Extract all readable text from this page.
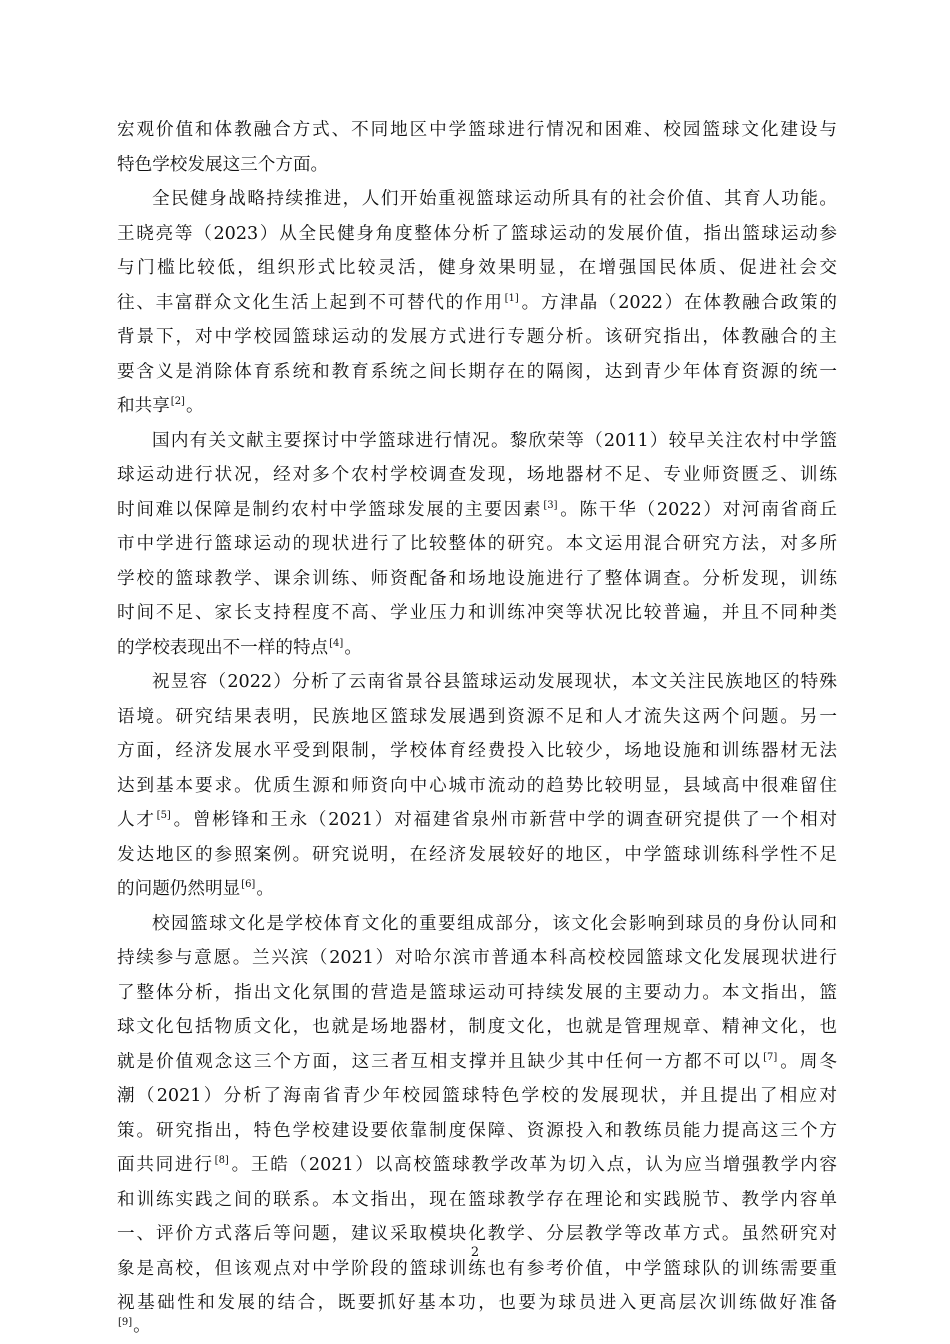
宏观价值和体教融合方式、不同地区中学篮球进行情况和困难、校园篮球文化建设与
特色学校发展这三个方面。
全民健身战略持续推进，人们开始重视篮球运动所具有的社会价值、其育人功能。
王晓亮等（2023）从全民健身角度整体分析了篮球运动的发展价值，指出篮球运动参
与门槛比较低，组织形式比较灵活，健身效果明显，在增强国民体质、促进社会交
往、丰富群众文化生活上起到不可替代的作用[1]。方津晶（2022）在体教融合政策的
背景下，对中学校园篮球运动的发展方式进行专题分析。该研究指出，体教融合的主
要含义是消除体育系统和教育系统之间长期存在的隔阂，达到青少年体育资源的统一
和共享[2]。
国内有关文献主要探讨中学篮球进行情况。黎欣荣等（2011）较早关注农村中学篮
球运动进行状况，经对多个农村学校调查发现，场地器材不足、专业师资匮乏、训练
时间难以保障是制约农村中学篮球发展的主要因素[3]。陈干华（2022）对河南省商丘
市中学进行篮球运动的现状进行了比较整体的研究。本文运用混合研究方法，对多所
学校的篮球教学、课余训练、师资配备和场地设施进行了整体调查。分析发现，训练
时间不足、家长支持程度不高、学业压力和训练冲突等状况比较普遍，并且不同种类
的学校表现出不一样的特点[4]。
祝昱容（2022）分析了云南省景谷县篮球运动发展现状，本文关注民族地区的特殊
语境。研究结果表明，民族地区篮球发展遇到资源不足和人才流失这两个问题。另一
方面，经济发展水平受到限制，学校体育经费投入比较少，场地设施和训练器材无法
达到基本要求。优质生源和师资向中心城市流动的趋势比较明显，县域高中很难留住
人才[5]。曾彬锋和王永（2021）对福建省泉州市新营中学的调查研究提供了一个相对
发达地区的参照案例。研究说明，在经济发展较好的地区，中学篮球训练科学性不足
的问题仍然明显[6]。
校园篮球文化是学校体育文化的重要组成部分，该文化会影响到球员的身份认同和
持续参与意愿。兰兴滨（2021）对哈尔滨市普通本科高校校园篮球文化发展现状进行
了整体分析，指出文化氛围的营造是篮球运动可持续发展的主要动力。本文指出，篮
球文化包括物质文化，也就是场地器材，制度文化，也就是管理规章、精神文化，也
就是价值观念这三个方面，这三者互相支撑并且缺少其中任何一方都不可以[7]。周冬
潮（2021）分析了海南省青少年校园篮球特色学校的发展现状，并且提出了相应对
策。研究指出，特色学校建设要依靠制度保障、资源投入和教练员能力提高这三个方
面共同进行[8]。王皓（2021）以高校篮球教学改革为切入点，认为应当增强教学内容
和训练实践之间的联系。本文指出，现在篮球教学存在理论和实践脱节、教学内容单
一、评价方式落后等问题，建议采取模块化教学、分层教学等改革方式。虽然研究对
象是高校，但该观点对中学阶段的篮球训练也有参考价值，中学篮球队的训练需要重
视基础性和发展的结合，既要抓好基本功，也要为球员进入更高层次训练做好准备
[9]。
2
